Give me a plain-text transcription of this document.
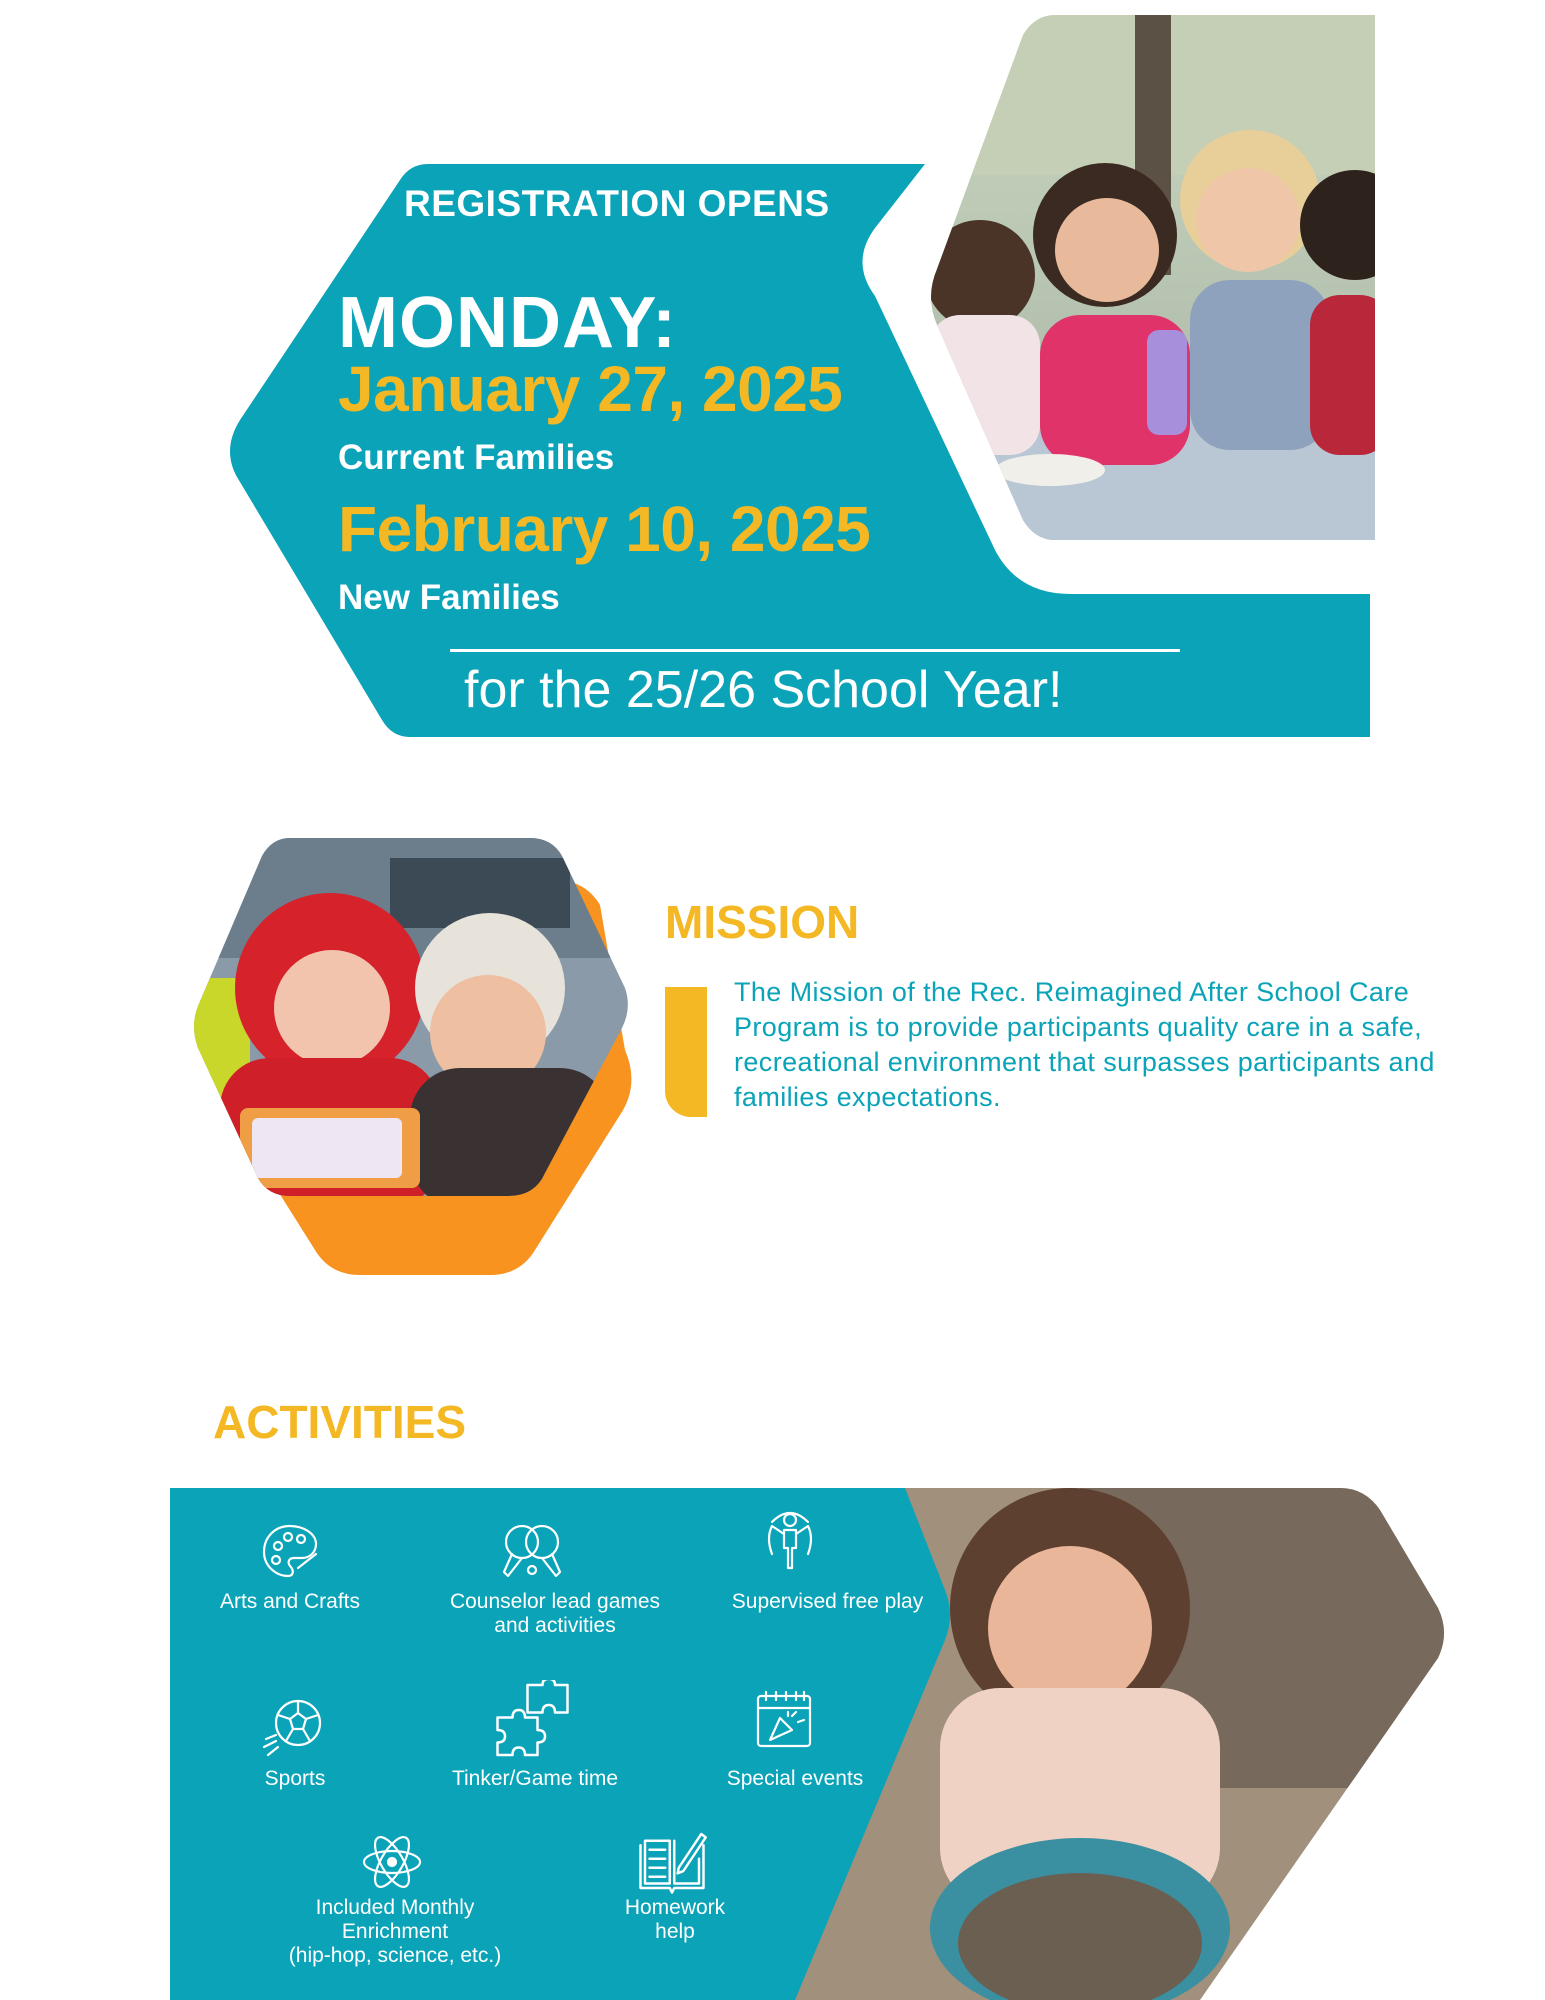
REGISTRATION OPENS
MONDAY:
January 27, 2025
Current Families
February 10, 2025
New Families
for the 25/26 School Year!
MISSION
The Mission of the Rec. Reimagined After School Care Program is to provide participants quality care in a safe, recreational environment that surpasses participants and families expectations.
ACTIVITIES
Arts and Crafts	Counselor lead games
and activities
Supervised free play
Sports	Tinker/Game time	Special events
Included Monthly
Enrichment
(hip-hop, science, etc.)
Homework
help
